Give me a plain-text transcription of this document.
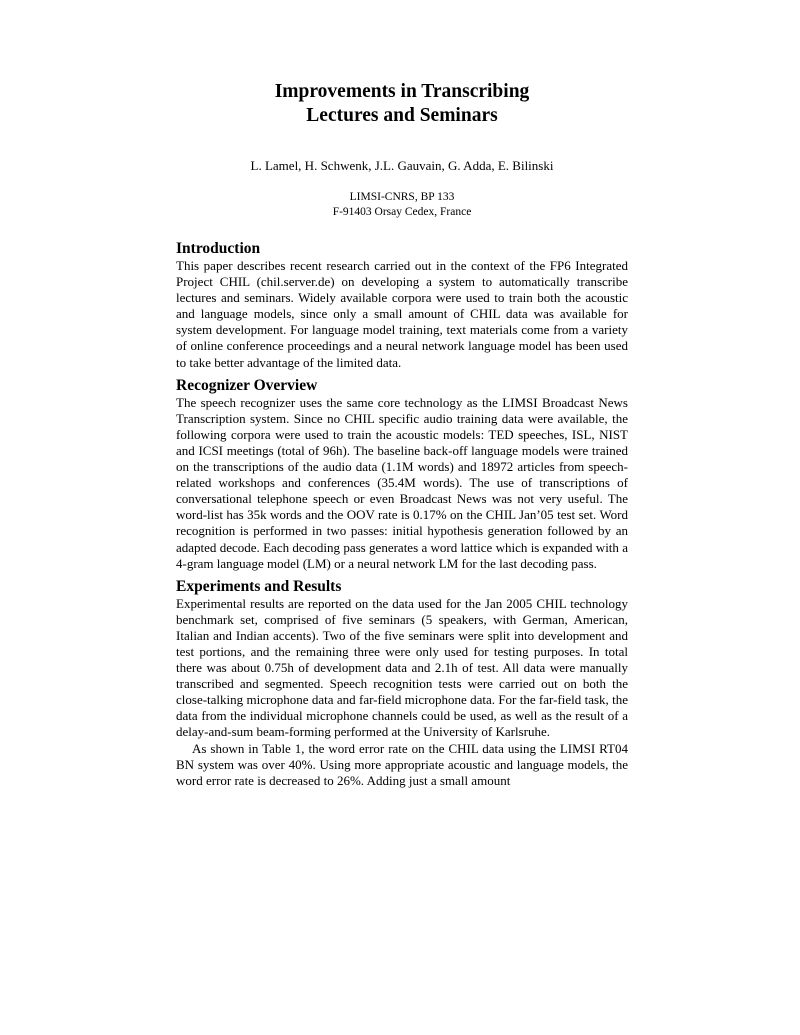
Improvements in Transcribing
Lectures and Seminars
L. Lamel, H. Schwenk, J.L. Gauvain, G. Adda, E. Bilinski
LIMSI-CNRS, BP 133
F-91403 Orsay Cedex, France
Introduction

This paper describes recent research carried out in the context of the FP6 Integrated Project CHIL (chil.server.de) on developing a system to automatically transcribe lectures and seminars. Widely available corpora were used to train both the acoustic and language models, since only a small amount of CHIL data was available for system development. For language model training, text materials come from a variety of online conference proceedings and a neural network language model has been used to take better advantage of the limited data.

Recognizer Overview

The speech recognizer uses the same core technology as the LIMSI Broadcast News Transcription system. Since no CHIL specific audio training data were available, the following corpora were used to train the acoustic models: TED speeches, ISL, NIST and ICSI meetings (total of 96h). The baseline back-off language models were trained on the transcriptions of the audio data (1.1M words) and 18972 articles from speech-related workshops and conferences (35.4M words). The use of transcriptions of conversational telephone speech or even Broadcast News was not very useful. The word-list has 35k words and the OOV rate is 0.17% on the CHIL Jan’05 test set. Word recognition is performed in two passes: initial hypothesis generation followed by an adapted decode. Each decoding pass generates a word lattice which is expanded with a 4-gram language model (LM) or a neural network LM for the last decoding pass.

Experiments and Results

Experimental results are reported on the data used for the Jan 2005 CHIL technology benchmark set, comprised of five seminars (5 speakers, with German, American, Italian and Indian accents). Two of the five seminars were split into development and test portions, and the remaining three were only used for testing purposes. In total there was about 0.75h of development data and 2.1h of test. All data were manually transcribed and segmented. Speech recognition tests were carried out on both the close-talking microphone data and far-field microphone data. For the far-field task, the data from the individual microphone channels could be used, as well as the result of a delay-and-sum beam-forming performed at the University of Karlsruhe.

As shown in Table 1, the word error rate on the CHIL data using the LIMSI RT04 BN system was over 40%. Using more appropriate acoustic and language models, the word error rate is decreased to 26%. Adding just a small amount
